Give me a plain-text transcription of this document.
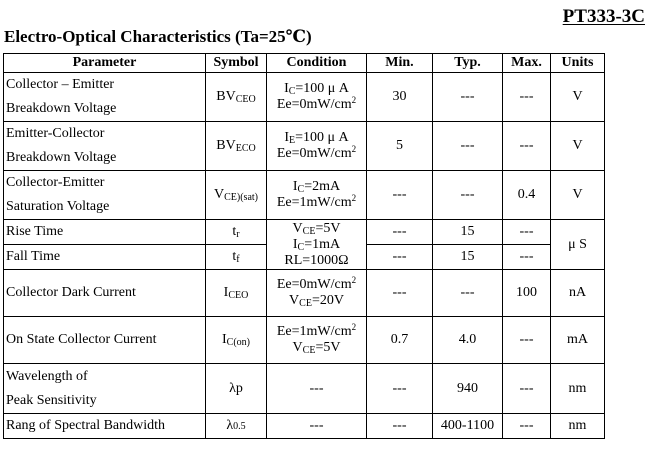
PT333-3C
Electro-Optical Characteristics (Ta=25℃)
Parameter	Symbol	Condition	Min.	Typ.	Max.	Units

Collector – Emitter
Breakdown Voltage	$BV_{CEO}$	$I_C=100$ μ A
$Ee=0mW/cm^2$	30	---	---	V

Emitter-Collector
Breakdown Voltage	$BV_{ECO}$	$I_E=100$ μ A
$Ee=0mW/cm^2$	5	---	---	V

Collector-Emitter
Saturation Voltage	$V_{CE)(sat)}$	$I_C=2mA$
$Ee=1mW/cm^2$	---	---	0.4	V
Rise Time	$t_r$	$V_{CE}=5V$
$I_C=1mA$
RL=1000Ω	---	15	---	μ S
Fall Time	$t_f$		---	15	---	
Collector Dark Current	$I_{CEO}$	$Ee=0mW/cm^2$
$V_{CE}=20V$	---	---	100	nA
On State Collector Current	$I_{C(on)}$	$Ee=1mW/cm^2$
$V_{CE}=5V$	0.7	4.0	---	mA

Wavelength of
Peak Sensitivity	λp	---	---	940	---	nm
Rang of Spectral Bandwidth	λ0.5	---	---	400-1100	---	nm
